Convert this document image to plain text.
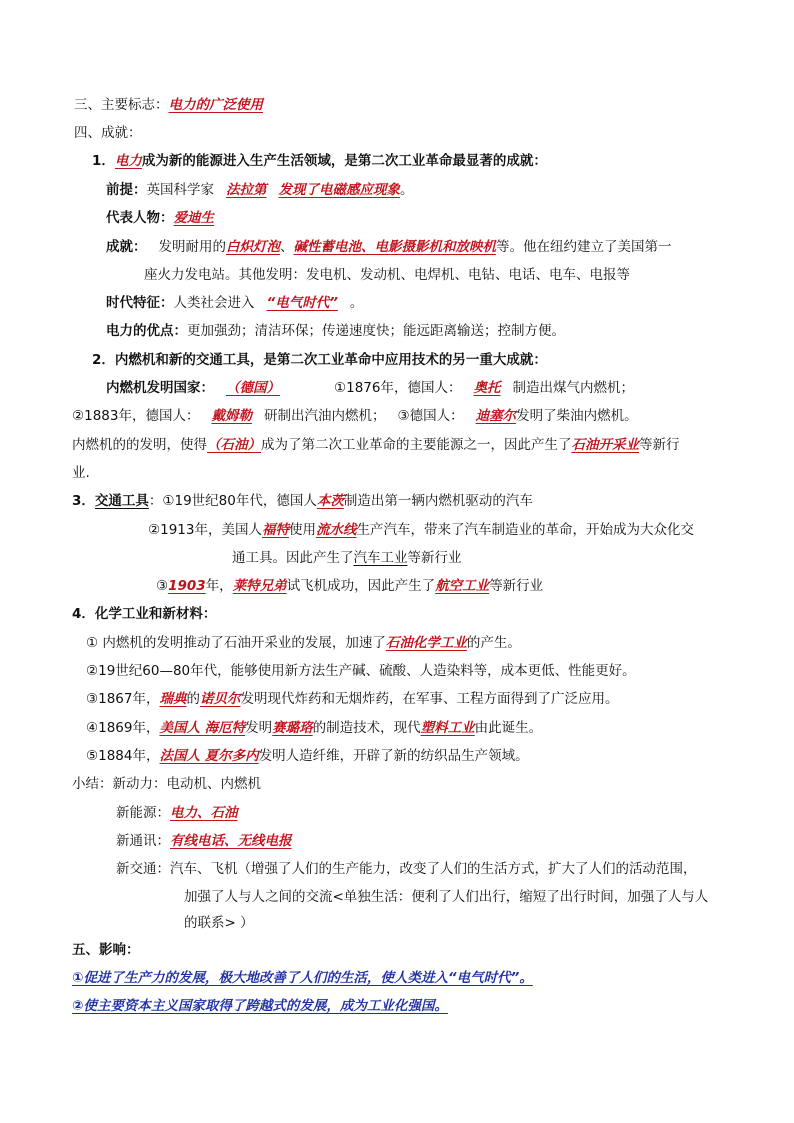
三、主要标志：电力的广泛使用
四、成就：
1．电力成为新的能源进入生产生活领域，是第二次工业革命最显著的成就：
前提：英国科学家 法拉第 发现了电磁感应现象。
代表人物：爱迪生
成就： 发明耐用的白炽灯泡、碱性蓄电池、电影摄影机和放映机等。他在纽约建立了美国第一
座火力发电站。其他发明：发电机、发动机、电焊机、电钻、电话、电车、电报等
时代特征：人类社会进入 “电气时代” 。
电力的优点：更加强劲；清洁环保；传递速度快；能远距离输送；控制方便。
2．内燃机和新的交通工具，是第二次工业革命中应用技术的另一重大成就：
内燃机发明国家： （德国）	①1876年，德国人： 奥托 制造出煤气内燃机；
②1883年，德国人： 戴姆勒 研制出汽油内燃机； ③德国人： 迪塞尔发明了柴油内燃机。
内燃机的的发明，使得（石油）成为了第二次工业革命的主要能源之一，因此产生了石油开采业等新行
业.
3．交通工具：①19世纪80年代，德国人本茨制造出第一辆内燃机驱动的汽车
②1913年，美国人福特使用流水线生产汽车，带来了汽车制造业的革命，开始成为大众化交
通工具。因此产生了汽车工业等新行业
③1903年，莱特兄弟试飞机成功，因此产生了航空工业等新行业
4．化学工业和新材料：
① 内燃机的发明推动了石油开采业的发展，加速了石油化学工业的产生。
②19世纪60—80年代，能够使用新方法生产碱、硫酸、人造染料等，成本更低、性能更好。
③1867年，瑞典的诺贝尔发明现代炸药和无烟炸药，在军事、工程方面得到了广泛应用。
④1869年，美国人 海厄特发明赛璐珞的制造技术，现代塑料工业由此诞生。
⑤1884年，法国人 夏尔多内发明人造纤维，开辟了新的纺织品生产领域。
小结：新动力：电动机、内燃机
新能源：电力、石油
新通讯：有线电话、无线电报
新交通：汽车、飞机（增强了人们的生产能力，改变了人们的生活方式，扩大了人们的活动范围，
加强了人与人之间的交流<单独生活：便利了人们出行，缩短了出行时间，加强了人与人
的联系> ）
五、影响：
①促进了生产力的发展，极大地改善了人们的生活，使人类进入“电气时代”。
②使主要资本主义国家取得了跨越式的发展，成为工业化强国。
